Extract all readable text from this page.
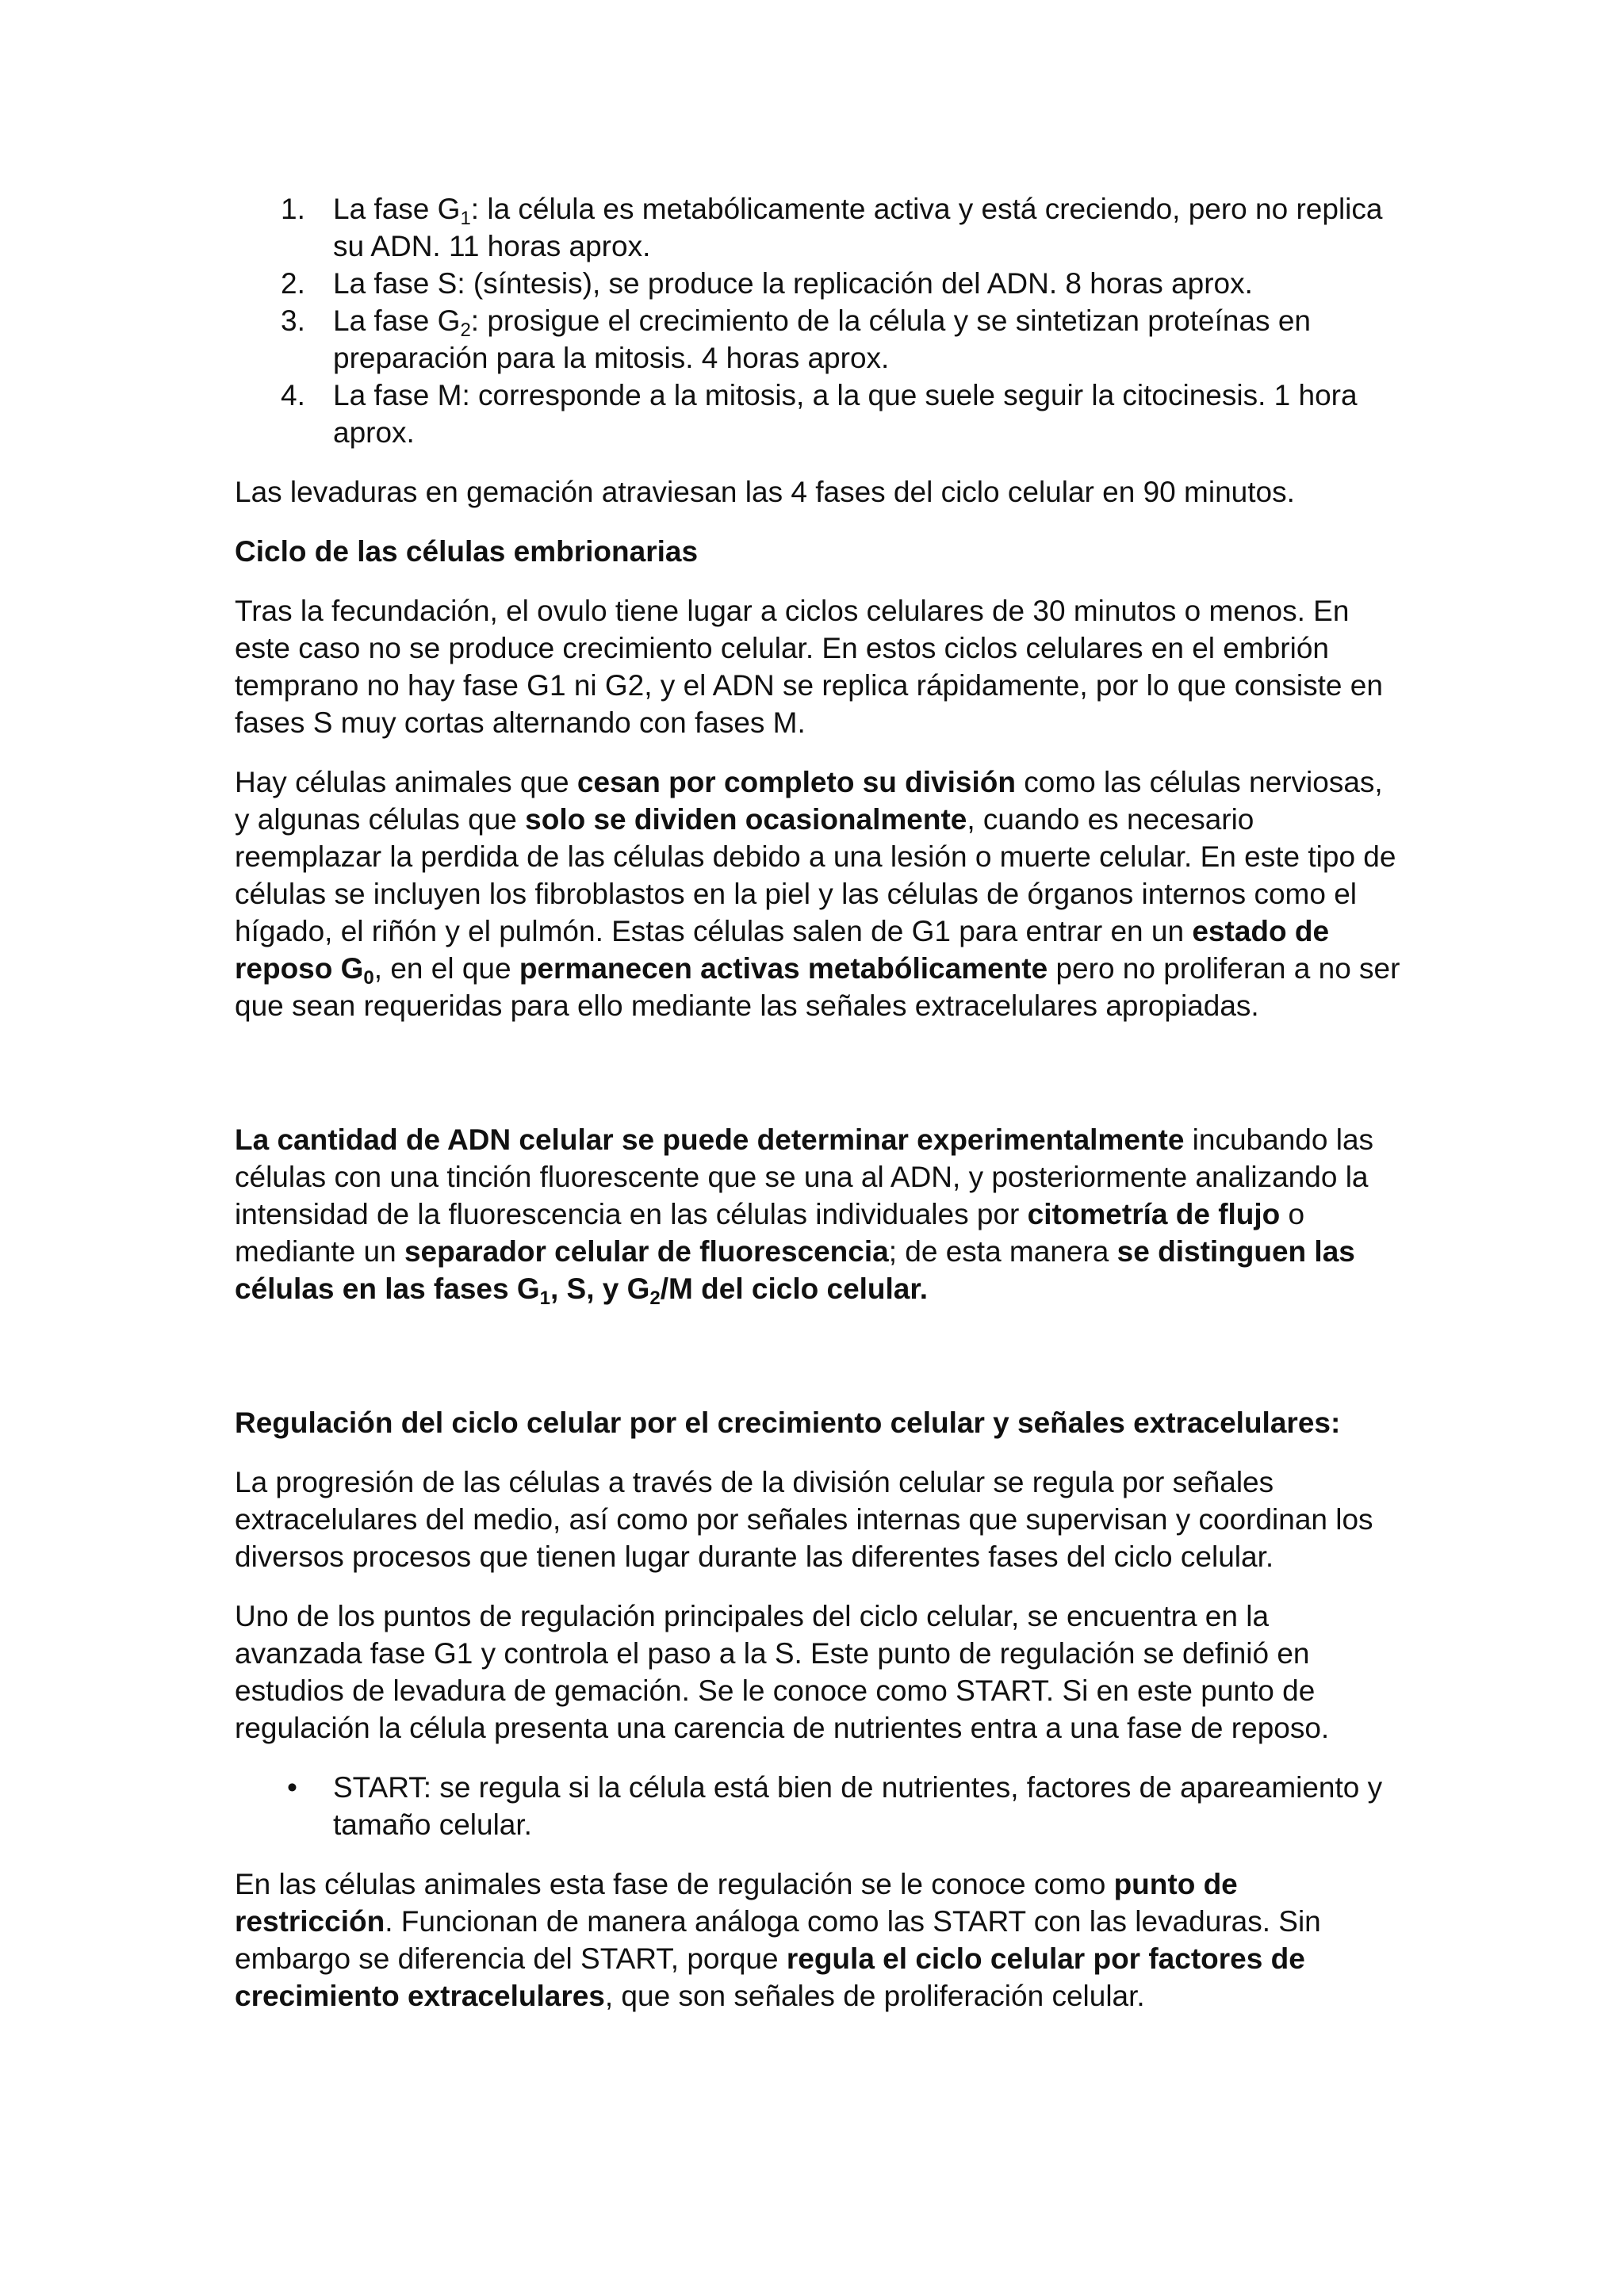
1. La fase $G_1$: la célula es metabólicamente activa y está creciendo, pero no replica su ADN. 11 horas aprox.
2. La fase S: (síntesis), se produce la replicación del ADN. 8 horas aprox.
3. La fase $G_2$: prosigue el crecimiento de la célula y se sintetizan proteínas en preparación para la mitosis. 4 horas aprox.
4. La fase M: corresponde a la mitosis, a la que suele seguir la citocinesis. 1 hora aprox.

Las levaduras en gemación atraviesan las 4 fases del ciclo celular en 90 minutos.

Ciclo de las células embrionarias

Tras la fecundación, el ovulo tiene lugar a ciclos celulares de 30 minutos o menos. En este caso no se produce crecimiento celular. En estos ciclos celulares en el embrión temprano no hay fase G1 ni G2, y el ADN se replica rápidamente, por lo que consiste en fases S muy cortas alternando con fases M.

Hay células animales que cesan por completo su división como las células nerviosas, y algunas células que solo se dividen ocasionalmente, cuando es necesario reemplazar la perdida de las células debido a una lesión o muerte celular. En este tipo de células se incluyen los fibroblastos en la piel y las células de órganos internos como el hígado, el riñón y el pulmón. Estas células salen de G1 para entrar en un estado de reposo $G_0$, en el que permanecen activas metabólicamente pero no proliferan a no ser que sean requeridas para ello mediante las señales extracelulares apropiadas.

La cantidad de ADN celular se puede determinar experimentalmente incubando las células con una tinción fluorescente que se una al ADN, y posteriormente analizando la intensidad de la fluorescencia en las células individuales por citometría de flujo o mediante un separador celular de fluorescencia; de esta manera se distinguen las células en las fases $G_1$, S, y $G_2/M$ del ciclo celular.

Regulación del ciclo celular por el crecimiento celular y señales extracelulares:

La progresión de las células a través de la división celular se regula por señales extracelulares del medio, así como por señales internas que supervisan y coordinan los diversos procesos que tienen lugar durante las diferentes fases del ciclo celular.

Uno de los puntos de regulación principales del ciclo celular, se encuentra en la avanzada fase G1 y controla el paso a la S. Este punto de regulación se definió en estudios de levadura de gemación. Se le conoce como START. Si en este punto de regulación la célula presenta una carencia de nutrientes entra a una fase de reposo.

• START: se regula si la célula está bien de nutrientes, factores de apareamiento y tamaño celular.

En las células animales esta fase de regulación se le conoce como punto de restricción. Funcionan de manera análoga como las START con las levaduras. Sin embargo se diferencia del START, porque regula el ciclo celular por factores de crecimiento extracelulares, que son señales de proliferación celular.
